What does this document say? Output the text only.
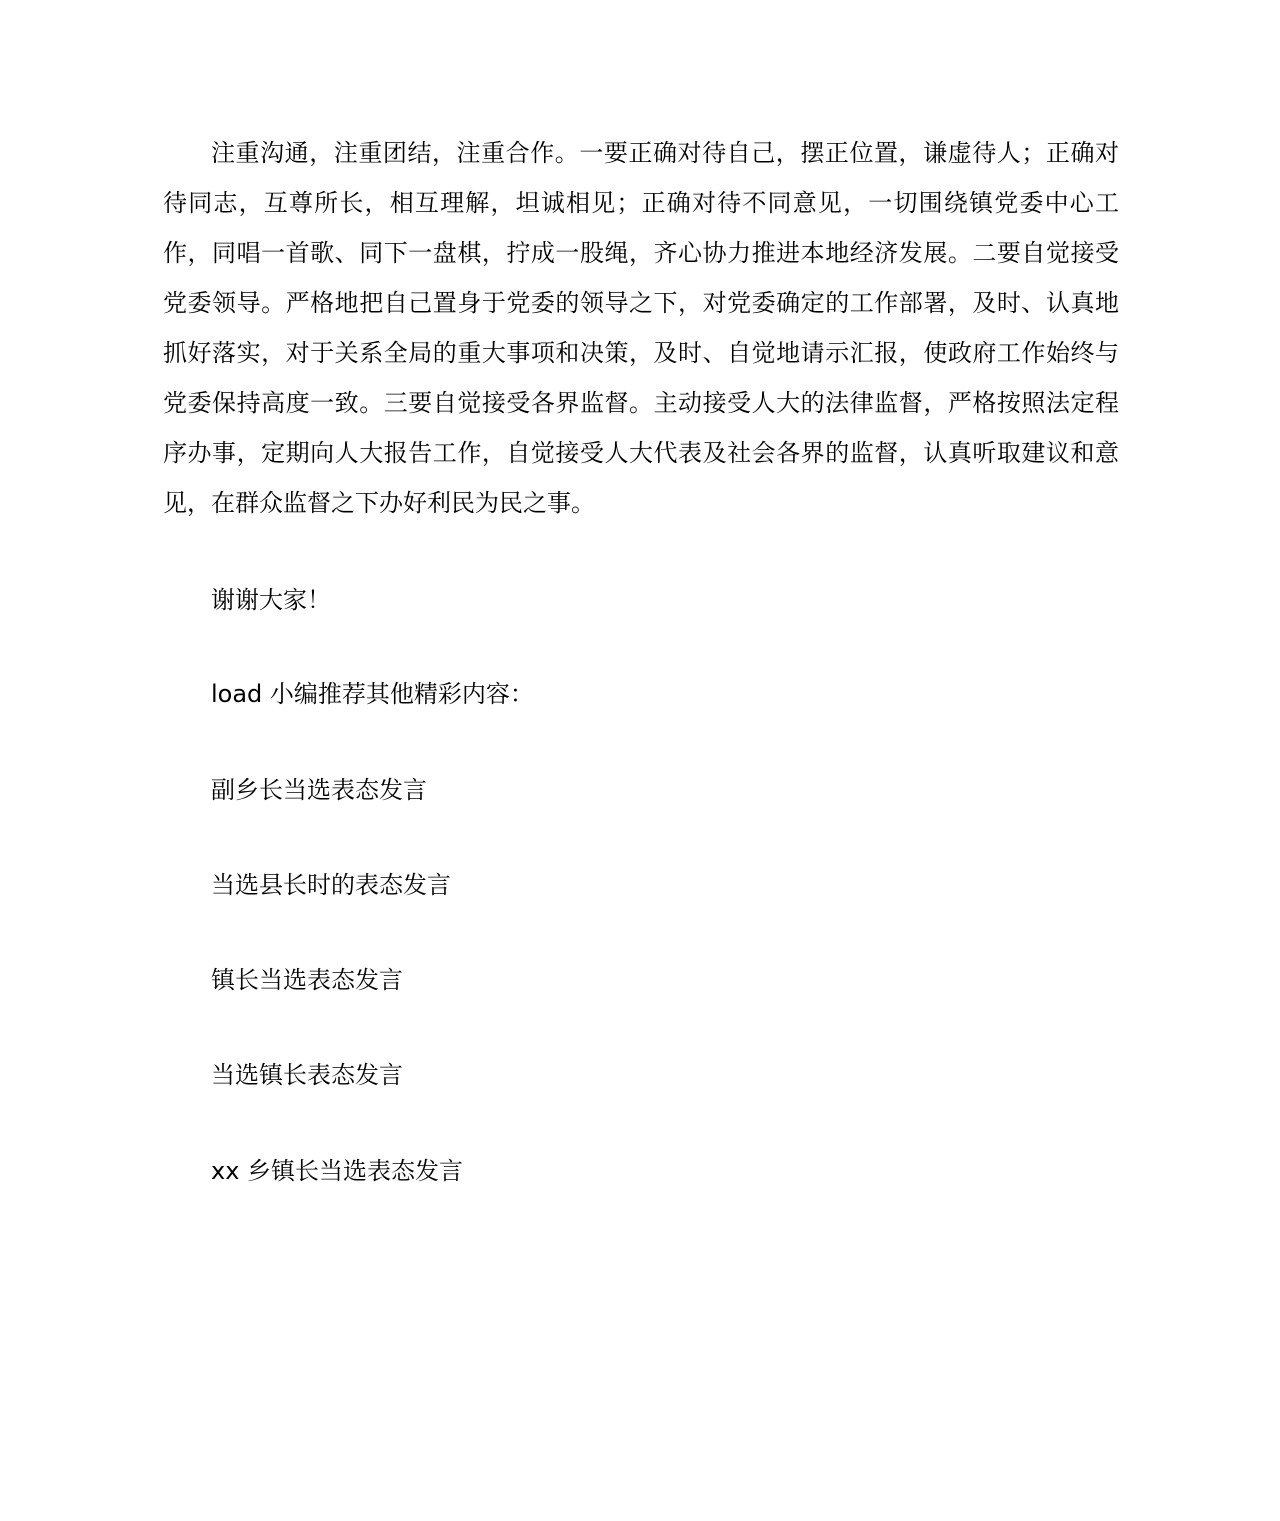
注重沟通，注重团结，注重合作。一要正确对待自己，摆正位置，谦虚待人；正确对待同志，互尊所长，相互理解，坦诚相见；正确对待不同意见，一切围绕镇党委中心工作，同唱一首歌、同下一盘棋，拧成一股绳，齐心协力推进本地经济发展。二要自觉接受党委领导。严格地把自己置身于党委的领导之下，对党委确定的工作部署，及时、认真地抓好落实，对于关系全局的重大事项和决策，及时、自觉地请示汇报，使政府工作始终与党委保持高度一致。三要自觉接受各界监督。主动接受人大的法律监督，严格按照法定程序办事，定期向人大报告工作，自觉接受人大代表及社会各界的监督，认真听取建议和意见，在群众监督之下办好利民为民之事。

谢谢大家！

load 小编推荐其他精彩内容：

副乡长当选表态发言

当选县长时的表态发言

镇长当选表态发言

当选镇长表态发言

xx 乡镇长当选表态发言
